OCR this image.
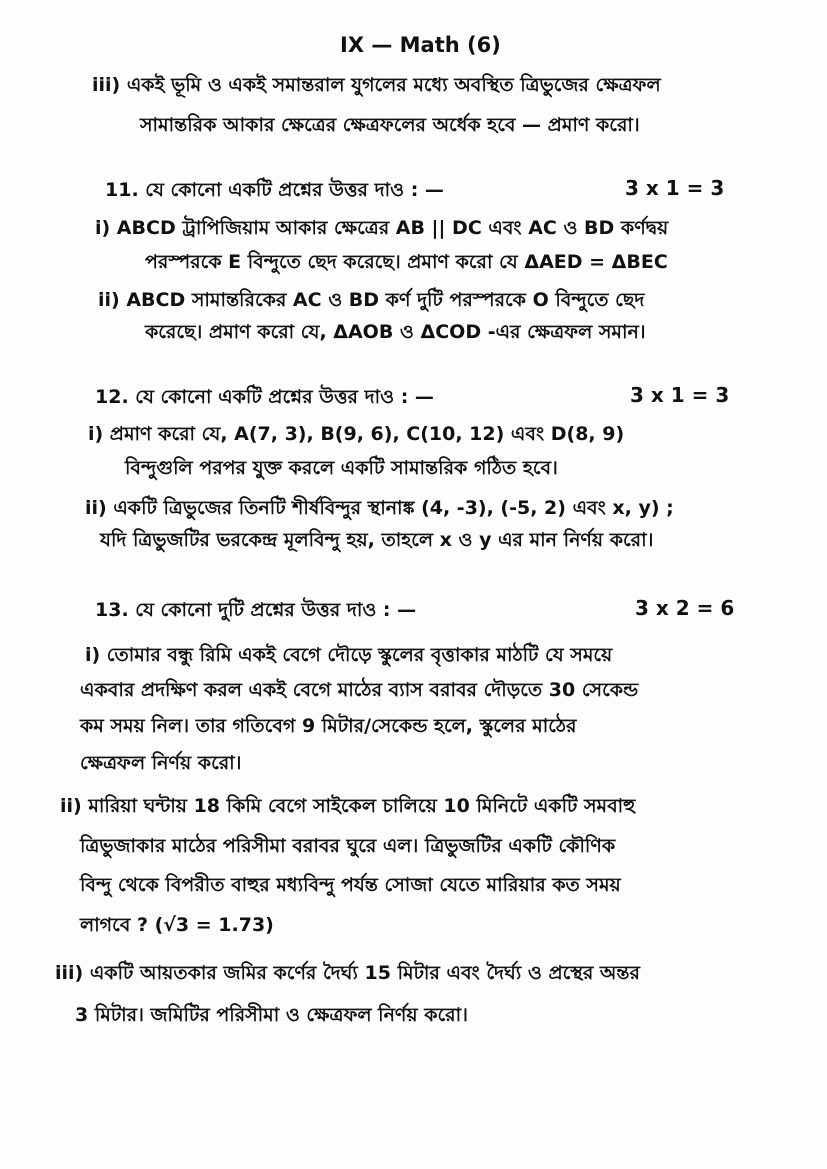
IX — Math (6)
iii) একই ভূমি ও একই সমান্তরাল যুগলের মধ্যে অবস্থিত ত্রিভুজের ক্ষেত্রফল
সামান্তরিক আকার ক্ষেত্রের ক্ষেত্রফলের অর্ধেক হবে — প্রমাণ করো।
11. যে কোনো একটি প্রশ্নের উত্তর দাও : —	3 x 1 = 3
i) ABCD ট্রাপিজিয়াম আকার ক্ষেত্রের AB || DC এবং AC ও BD কর্ণদ্বয়
পরস্পরকে E বিন্দুতে ছেদ করেছে। প্রমাণ করো যে ΔAED = ΔBEC
ii) ABCD সামান্তরিকের AC ও BD কর্ণ দুটি পরস্পরকে O বিন্দুতে ছেদ
করেছে। প্রমাণ করো যে, ΔAOB ও ΔCOD -এর ক্ষেত্রফল সমান।
12. যে কোনো একটি প্রশ্নের উত্তর দাও : —	3 x 1 = 3
i) প্রমাণ করো যে, A(7, 3), B(9, 6), C(10, 12) এবং D(8, 9)
বিন্দুগুলি পরপর যুক্ত করলে একটি সামান্তরিক গঠিত হবে।
ii) একটি ত্রিভুজের তিনটি শীর্ষবিন্দুর স্থানাঙ্ক (4, -3), (-5, 2) এবং x, y) ;
যদি ত্রিভুজটির ভরকেন্দ্র মূলবিন্দু হয়, তাহলে x ও y এর মান নির্ণয় করো।
13. যে কোনো দুটি প্রশ্নের উত্তর দাও : —	3 x 2 = 6
i) তোমার বন্ধু রিমি একই বেগে দৌড়ে স্কুলের বৃত্তাকার মাঠটি যে সময়ে
একবার প্রদক্ষিণ করল একই বেগে মাঠের ব্যাস বরাবর দৌড়তে 30 সেকেন্ড
কম সময় নিল। তার গতিবেগ 9 মিটার/সেকেন্ড হলে, স্কুলের মাঠের
ক্ষেত্রফল নির্ণয় করো।
ii) মারিয়া ঘন্টায় 18 কিমি বেগে সাইকেল চালিয়ে 10 মিনিটে একটি সমবাহু
ত্রিভুজাকার মাঠের পরিসীমা বরাবর ঘুরে এল। ত্রিভুজটির একটি কৌণিক
বিন্দু থেকে বিপরীত বাহুর মধ্যবিন্দু পর্যন্ত সোজা যেতে মারিয়ার কত সময়
লাগবে ? (√3 = 1.73)
iii) একটি আয়তকার জমির কর্ণের দৈর্ঘ্য 15 মিটার এবং দৈর্ঘ্য ও প্রস্থের অন্তর
3 মিটার। জমিটির পরিসীমা ও ক্ষেত্রফল নির্ণয় করো।
